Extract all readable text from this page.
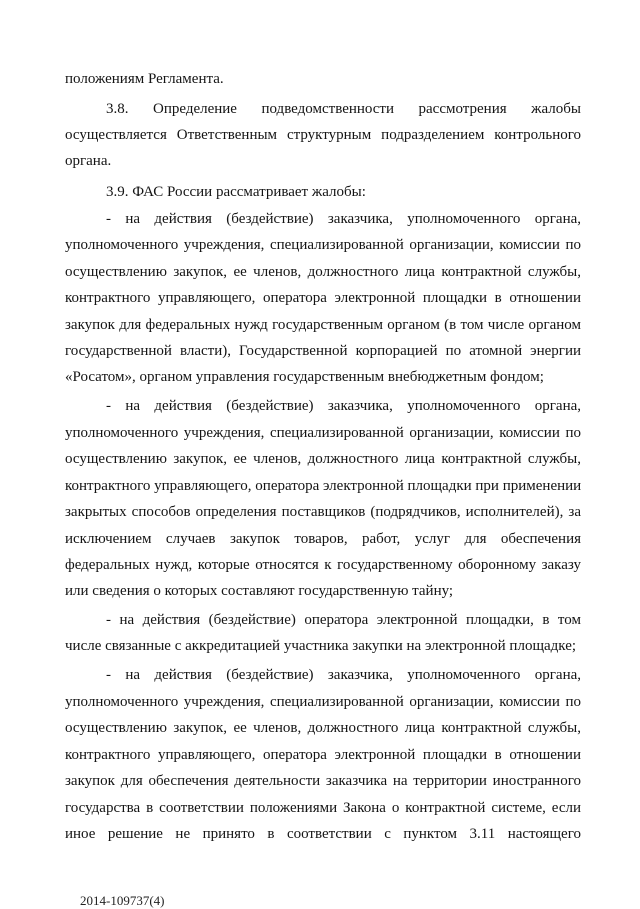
положениям Регламента.
3.8. Определение подведомственности рассмотрения жалобы
осуществляется Ответственным структурным подразделением контрольного
органа.
3.9. ФАС России рассматривает жалобы:
- на действия (бездействие) заказчика, уполномоченного органа,
уполномоченного учреждения, специализированной организации, комиссии по
осуществлению закупок, ее членов, должностного лица контрактной службы,
контрактного управляющего, оператора электронной площадки в отношении
закупок для федеральных нужд государственным органом (в том числе органом
государственной власти), Государственной корпорацией по атомной энергии
«Росатом», органом управления государственным внебюджетным фондом;
- на действия (бездействие) заказчика, уполномоченного органа,
уполномоченного учреждения, специализированной организации, комиссии по
осуществлению закупок, ее членов, должностного лица контрактной службы,
контрактного управляющего, оператора электронной площадки при применении
закрытых способов определения поставщиков (подрядчиков, исполнителей), за
исключением случаев закупок товаров, работ, услуг для обеспечения
федеральных нужд, которые относятся к государственному оборонному заказу
или сведения о которых составляют государственную тайну;
- на действия (бездействие) оператора электронной площадки, в том
числе связанные с аккредитацией участника закупки на электронной площадке;
- на действия (бездействие) заказчика, уполномоченного органа,
уполномоченного учреждения, специализированной организации, комиссии по
осуществлению закупок, ее членов, должностного лица контрактной службы,
контрактного управляющего, оператора электронной площадки в отношении
закупок для обеспечения деятельности заказчика на территории иностранного
государства в соответствии положениями Закона о контрактной системе, если
иное решение не принято в соответствии с пунктом 3.11 настоящего
2014-109737(4)
